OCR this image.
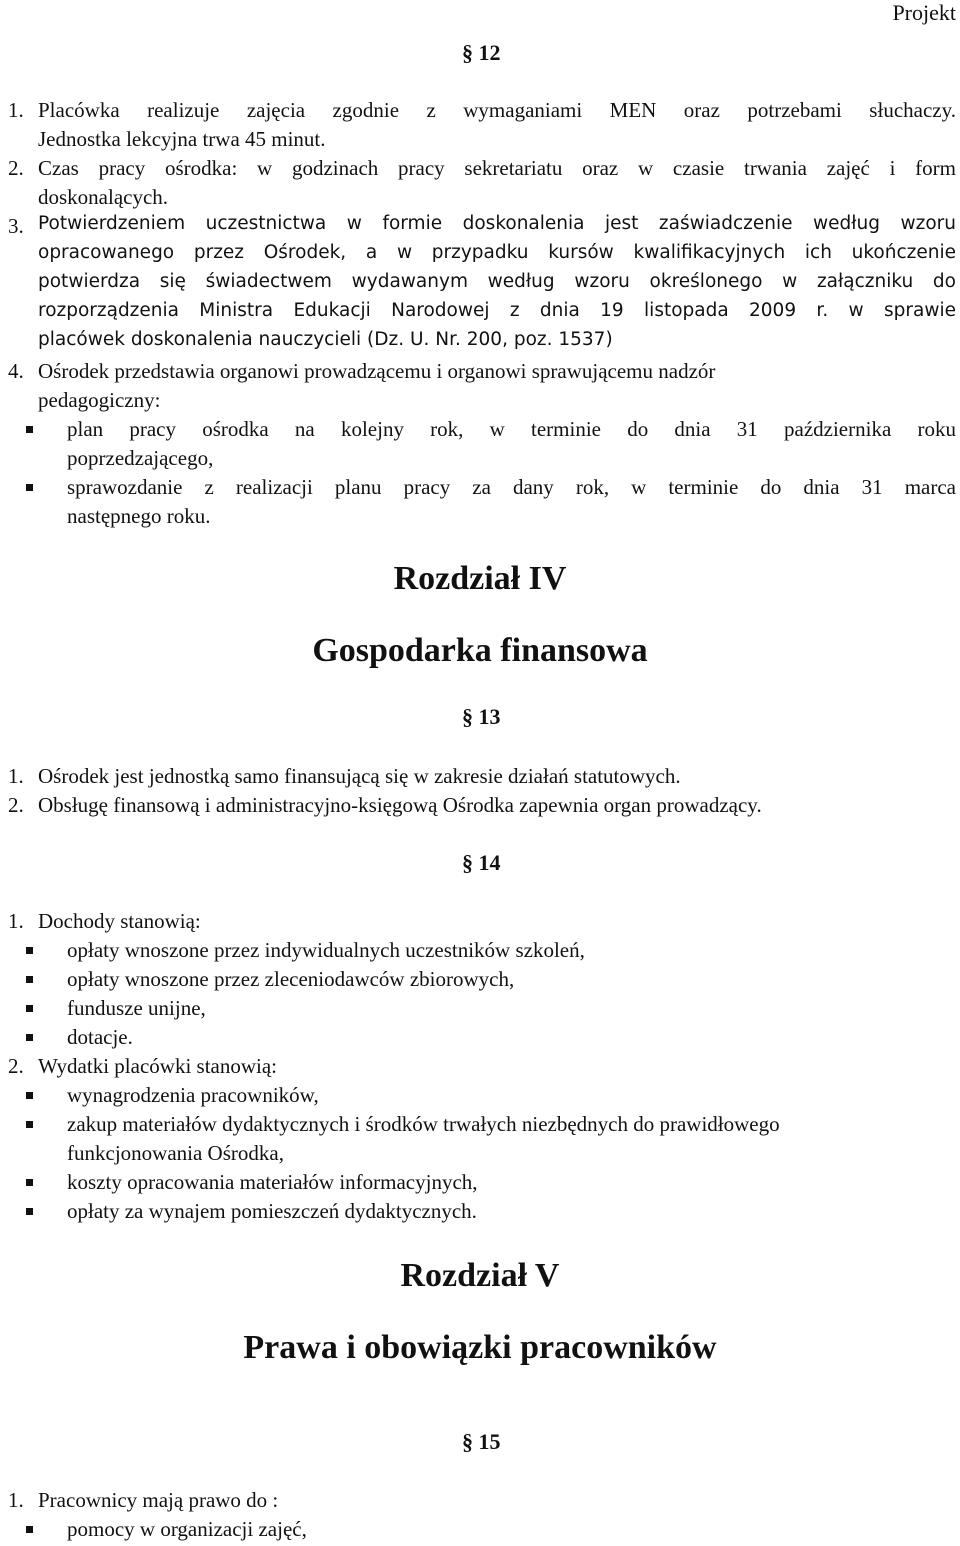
Projekt
§ 12
1. Placówka realizuje zajęcia zgodnie z wymaganiami MEN oraz potrzebami słuchaczy.
Jednostka lekcyjna trwa 45 minut.
2. Czas pracy ośrodka: w godzinach pracy sekretariatu oraz w czasie trwania zajęć i form
doskonalących.
3. Potwierdzeniem uczestnictwa w formie doskonalenia jest zaświadczenie według wzoru
opracowanego przez Ośrodek, a w przypadku kursów kwalifikacyjnych ich ukończenie
potwierdza się świadectwem wydawanym według wzoru określonego w załączniku do
rozporządzenia Ministra Edukacji Narodowej z dnia 19 listopada 2009 r. w sprawie
placówek doskonalenia nauczycieli (Dz. U. Nr. 200, poz. 1537)
4. Ośrodek przedstawia organowi prowadzącemu i organowi sprawującemu nadzór
pedagogiczny:
plan pracy ośrodka na kolejny rok, w terminie do dnia 31 października roku
poprzedzającego,
sprawozdanie z realizacji planu pracy za dany rok, w terminie do dnia 31 marca
następnego roku.
Rozdział IV
Gospodarka finansowa
§ 13
1. Ośrodek jest jednostką samo finansującą się w zakresie działań statutowych.
2. Obsługę finansową i administracyjno-księgową Ośrodka zapewnia organ prowadzący.
§ 14
1. Dochody stanowią:
opłaty wnoszone przez indywidualnych uczestników szkoleń,
opłaty wnoszone przez zleceniodawców zbiorowych,
fundusze unijne,
dotacje.
2. Wydatki placówki stanowią:
wynagrodzenia pracowników,
zakup materiałów dydaktycznych i środków trwałych niezbędnych do prawidłowego
funkcjonowania Ośrodka,
koszty opracowania materiałów informacyjnych,
opłaty za wynajem pomieszczeń dydaktycznych.
Rozdział V
Prawa i obowiązki pracowników
§ 15
1. Pracownicy mają prawo do :
pomocy w organizacji zajęć,
